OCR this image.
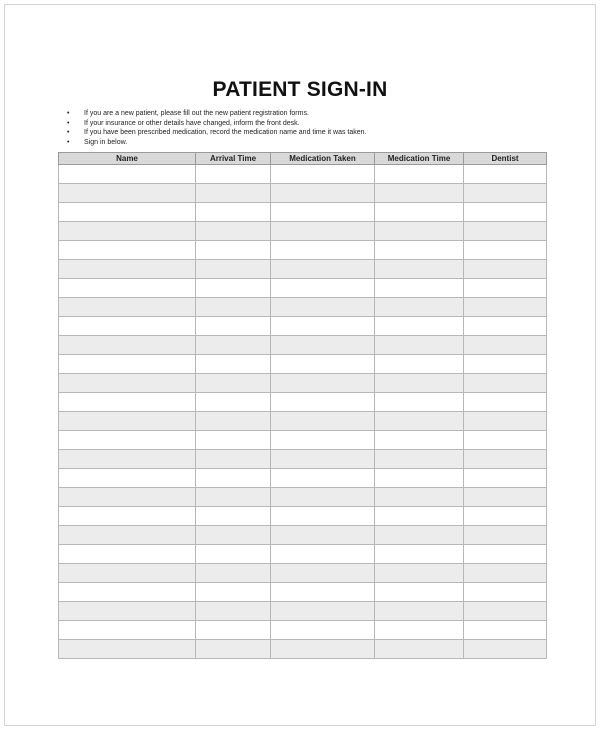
PATIENT SIGN-IN
• If you are a new patient, please fill out the new patient registration forms.
• If your insurance or other details have changed, inform the front desk.
• If you have been prescribed medication, record the medication name and time it was taken.
• Sign in below.
Name	Arrival Time	Medication Taken	Medication Time	Dentist
